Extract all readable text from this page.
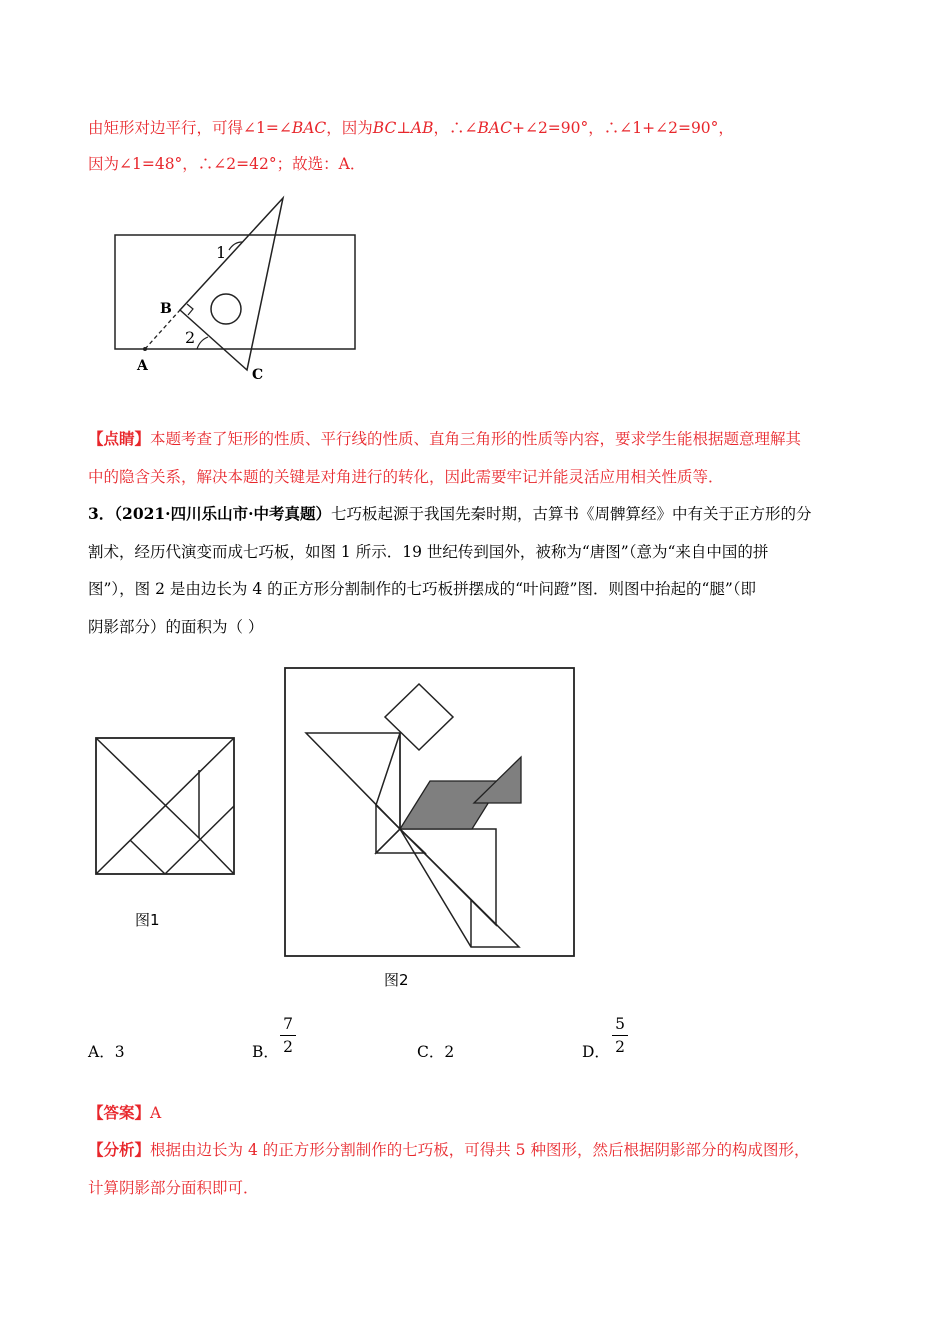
由矩形对边平行，可得∠1=∠BAC，因为BC⊥AB，∴∠BAC+∠2=90°，∴∠1+∠2=90°，
因为∠1=48°，∴∠2=42°；故选：A．
1
2
A
B
C
【点睛】本题考查了矩形的性质、平行线的性质、直角三角形的性质等内容，要求学生能根据题意理解其
中的隐含关系，解决本题的关键是对角进行的转化，因此需要牢记并能灵活应用相关性质等．
3．（2021·四川乐山市·中考真题）七巧板起源于我国先秦时期，古算书《周髀算经》中有关于正方形的分
割术，经历代演变而成七巧板，如图 1 所示．19 世纪传到国外，被称为“唐图”（意为“来自中国的拼
图”），图 2 是由边长为 4 的正方形分割制作的七巧板拼摆成的“叶问蹬”图．则图中抬起的“腿”（即
阴影部分）的面积为（ ）
图1
图2
A．3	B．
7
2	C．2	D．
5
2
【答案】A
【分析】根据由边长为 4 的正方形分割制作的七巧板，可得共 5 种图形，然后根据阴影部分的构成图形，
计算阴影部分面积即可．
